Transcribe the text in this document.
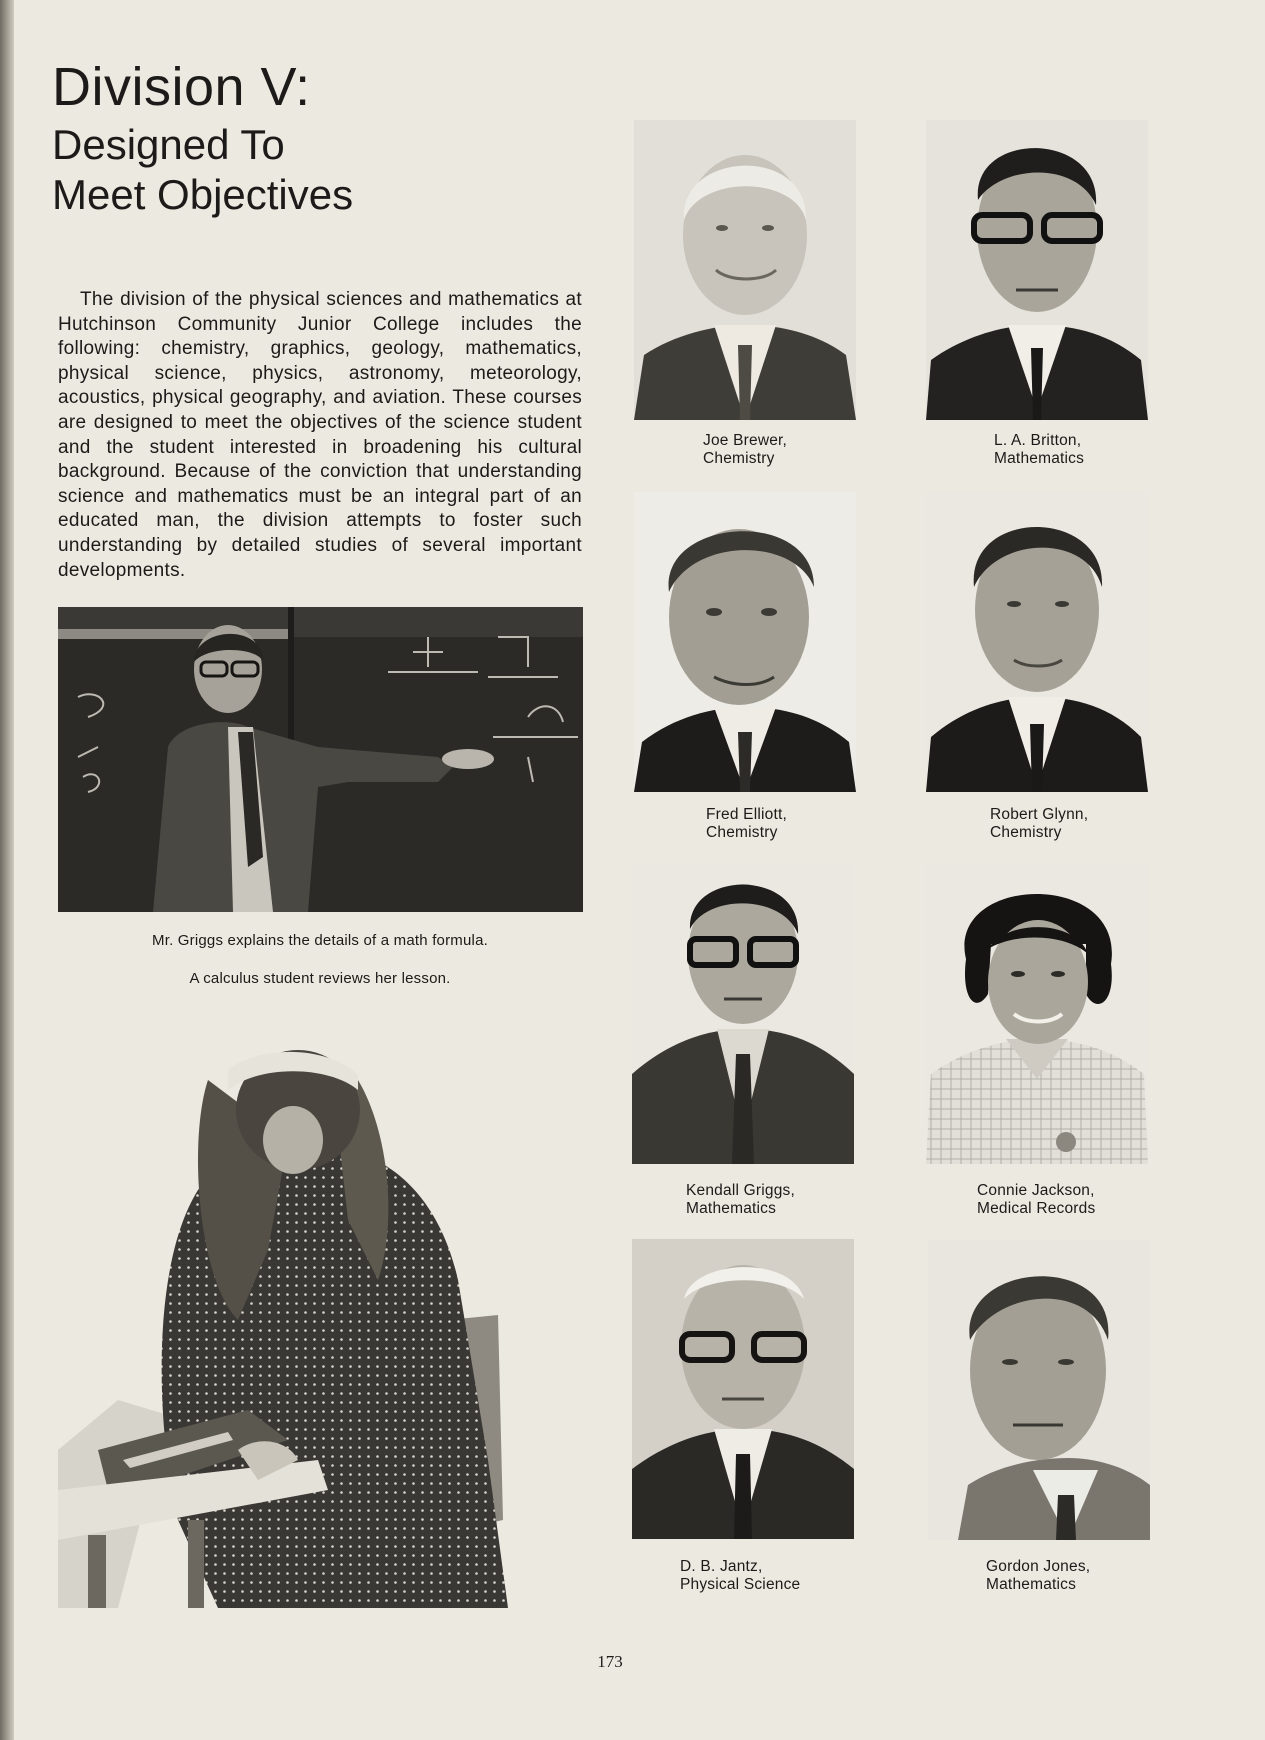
Division V:
Designed To
Meet Objectives

The division of the physical sciences and mathematics at Hutchinson Community Junior College includes the following: chemistry, graphics, geology, mathematics, physical science, physics, astronomy, meteorology, acoustics, physical geography, and aviation. These courses are designed to meet the objectives of the science student and the student interested in broadening his cultural background. Because of the conviction that understanding science and mathematics must be an integral part of an educated man, the division attempts to foster such understanding by detailed studies of several important developments.

Mr. Griggs explains the details of a math formula.
A calculus student reviews her lesson.
Joe Brewer,
Chemistry
L. A. Britton,
Mathematics
Fred Elliott,
Chemistry
Robert Glynn,
Chemistry
Kendall Griggs,
Mathematics
Connie Jackson,
Medical Records
D. B. Jantz,
Physical Science
Gordon Jones,
Mathematics
173
